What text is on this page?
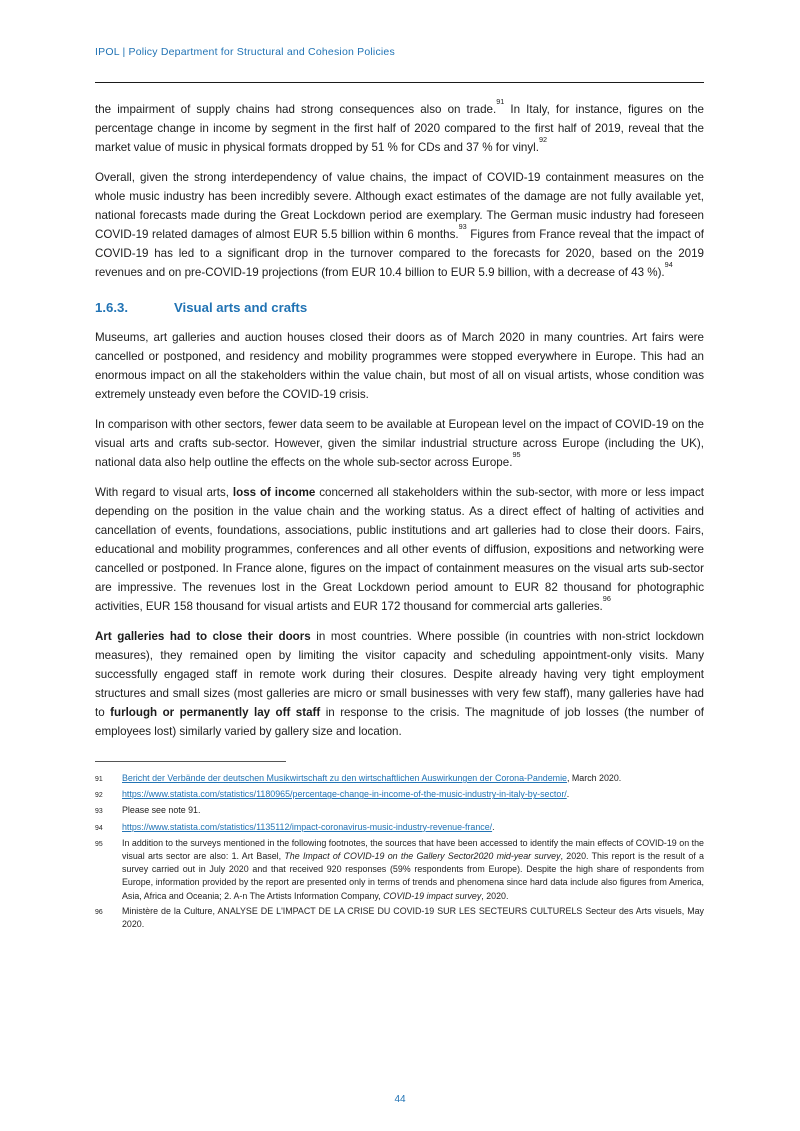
IPOL | Policy Department for Structural and Cohesion Policies

the impairment of supply chains had strong consequences also on trade.$^{91}$ In Italy, for instance, figures on the percentage change in income by segment in the first half of 2020 compared to the first half of 2019, reveal that the market value of music in physical formats dropped by 51 % for CDs and 37 % for vinyl.$^{92}$

Overall, given the strong interdependency of value chains, the impact of COVID-19 containment measures on the whole music industry has been incredibly severe. Although exact estimates of the damage are not fully available yet, national forecasts made during the Great Lockdown period are exemplary. The German music industry had foreseen COVID-19 related damages of almost EUR 5.5 billion within 6 months.$^{93}$ Figures from France reveal that the impact of COVID-19 has led to a significant drop in the turnover compared to the forecasts for 2020, based on the 2019 revenues and on pre-COVID-19 projections (from EUR 10.4 billion to EUR 5.9 billion, with a decrease of 43 %).$^{94}$

1.6.3.	Visual arts and crafts

Museums, art galleries and auction houses closed their doors as of March 2020 in many countries. Art fairs were cancelled or postponed, and residency and mobility programmes were stopped everywhere in Europe. This had an enormous impact on all the stakeholders within the value chain, but most of all on visual artists, whose condition was extremely unsteady even before the COVID-19 crisis.

In comparison with other sectors, fewer data seem to be available at European level on the impact of COVID-19 on the visual arts and crafts sub-sector. However, given the similar industrial structure across Europe (including the UK), national data also help outline the effects on the whole sub-sector across Europe.$^{95}$

With regard to visual arts, loss of income concerned all stakeholders within the sub-sector, with more or less impact depending on the position in the value chain and the working status. As a direct effect of halting of activities and cancellation of events, foundations, associations, public institutions and art galleries had to close their doors. Fairs, educational and mobility programmes, conferences and all other events of diffusion, expositions and networking were cancelled or postponed. In France alone, figures on the impact of containment measures on the visual arts sub-sector are impressive. The revenues lost in the Great Lockdown period amount to EUR 82 thousand for photographic activities, EUR 158 thousand for visual artists and EUR 172 thousand for commercial arts galleries.$^{96}$

Art galleries had to close their doors in most countries. Where possible (in countries with non-strict lockdown measures), they remained open by limiting the visitor capacity and scheduling appointment-only visits. Many successfully engaged staff in remote work during their closures. Despite already having very tight employment structures and small sizes (most galleries are micro or small businesses with very few staff), many galleries have had to furlough or permanently lay off staff in response to the crisis. The magnitude of job losses (the number of employees lost) similarly varied by gallery size and location.

91	Bericht der Verbände der deutschen Musikwirtschaft zu den wirtschaftlichen Auswirkungen der Corona-Pandemie, March 2020.
92	https://www.statista.com/statistics/1180965/percentage-change-in-income-of-the-music-industry-in-italy-by-sector/.
93	Please see note 91.
94	https://www.statista.com/statistics/1135112/impact-coronavirus-music-industry-revenue-france/.
95	In addition to the surveys mentioned in the following footnotes, the sources that have been accessed to identify the main effects of COVID-19 on the visual arts sector are also: 1. Art Basel, The Impact of COVID-19 on the Gallery Sector2020 mid-year survey, 2020. This report is the result of a survey carried out in July 2020 and that received 920 responses (59% respondents from Europe). Despite the high share of respondents from Europe, information provided by the report are presented only in terms of trends and phenomena since hard data include also figures from America, Asia, Africa and Oceania; 2. A-n The Artists Information Company, COVID-19 impact survey, 2020.
96	Ministère de la Culture, ANALYSE DE L'IMPACT DE LA CRISE DU COVID-19 SUR LES SECTEURS CULTURELS Secteur des Arts visuels, May 2020.
44
